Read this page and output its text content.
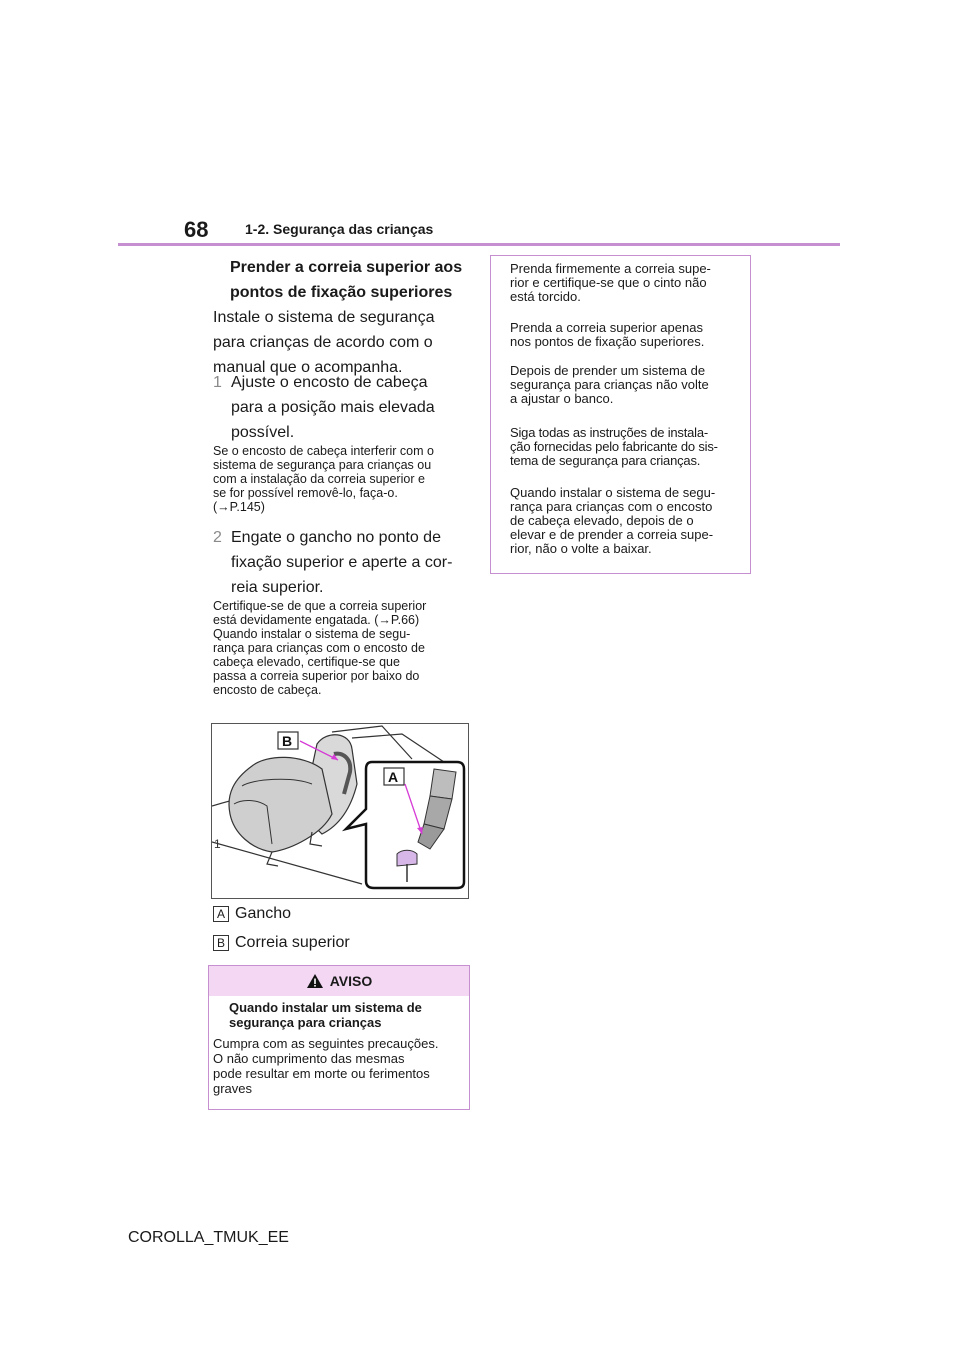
68	1-2. Segurança das crianças
Prender a correia superior aos
pontos de fixação superiores
Instale o sistema de segurança
para crianças de acordo com o
manual que o acompanha.
1 Ajuste o encosto de cabeça
para a posição mais elevada
possível.
Se o encosto de cabeça interferir com o
sistema de segurança para crianças ou
com a instalação da correia superior e
se for possível removê-lo, faça-o.
(→P.145)
2 Engate o gancho no ponto de
fixação superior e aperte a cor-
reia superior.
Certifique-se de que a correia superior
está devidamente engatada. (→P.66)
Quando instalar o sistema de segu-
rança para crianças com o encosto de
cabeça elevado, certifique-se que
passa a correia superior por baixo do
encosto de cabeça.
1
B
A
A Gancho
B Correia superior
AVISO
Quando instalar um sistema de
segurança para crianças
Cumpra com as seguintes precauções.
O não cumprimento das mesmas
pode resultar em morte ou ferimentos
graves

Prenda firmemente a correia supe-
rior e certifique-se que o cinto não
está torcido.

Prenda a correia superior apenas
nos pontos de fixação superiores.

Depois de prender um sistema de
segurança para crianças não volte
a ajustar o banco.

Siga todas as instruções de instala-
ção fornecidas pelo fabricante do sis-
tema de segurança para crianças.

Quando instalar o sistema de segu-
rança para crianças com o encosto
de cabeça elevado, depois de o
elevar e de prender a correia supe-
rior, não o volte a baixar.

COROLLA_TMUK_EE
